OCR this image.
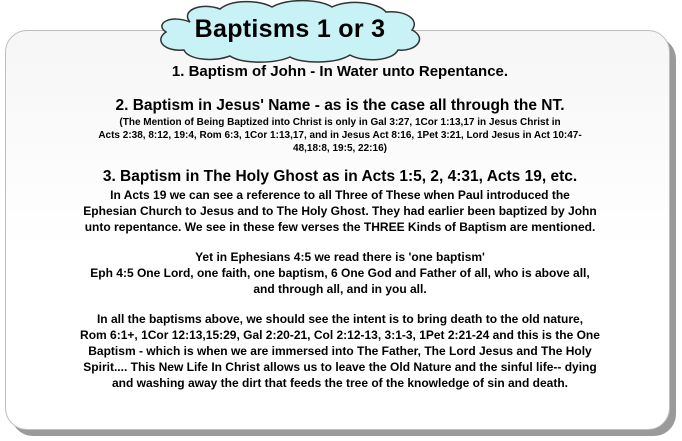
Baptisms 1 or 3

1. Baptism of John - In Water unto Repentance.

2. Baptism in Jesus' Name - as is the case all through the NT.

(The Mention of Being Baptized into Christ is only in Gal 3:27, 1Cor 1:13,17 in Jesus Christ in

Acts 2:38, 8:12, 19:4, Rom 6:3, 1Cor 1:13,17, and in Jesus Act 8:16, 1Pet 3:21, Lord Jesus in Act 10:47-

48,18:8, 19:5, 22:16)

3. Baptism in The Holy Ghost as in Acts 1:5, 2, 4:31, Acts 19, etc.

In Acts 19 we can see a reference to all Three of These when Paul introduced the

Ephesian Church to Jesus and to The Holy Ghost. They had earlier been baptized by John

unto repentance. We see in these few verses the THREE Kinds of Baptism are mentioned.

Yet in Ephesians 4:5 we read there is 'one baptism'

Eph 4:5 One Lord, one faith, one baptism, 6 One God and Father of all, who is above all,

and through all, and in you all.

In all the baptisms above, we should see the intent is to bring death to the old nature,

Rom 6:1+, 1Cor 12:13,15:29, Gal 2:20-21, Col 2:12-13, 3:1-3, 1Pet 2:21-24 and this is the One

Baptism - which is when we are immersed into The Father, The Lord Jesus and The Holy

Spirit.... This New Life In Christ allows us to leave the Old Nature and the sinful life-- dying

and washing away the dirt that feeds the tree of the knowledge of sin and death.
